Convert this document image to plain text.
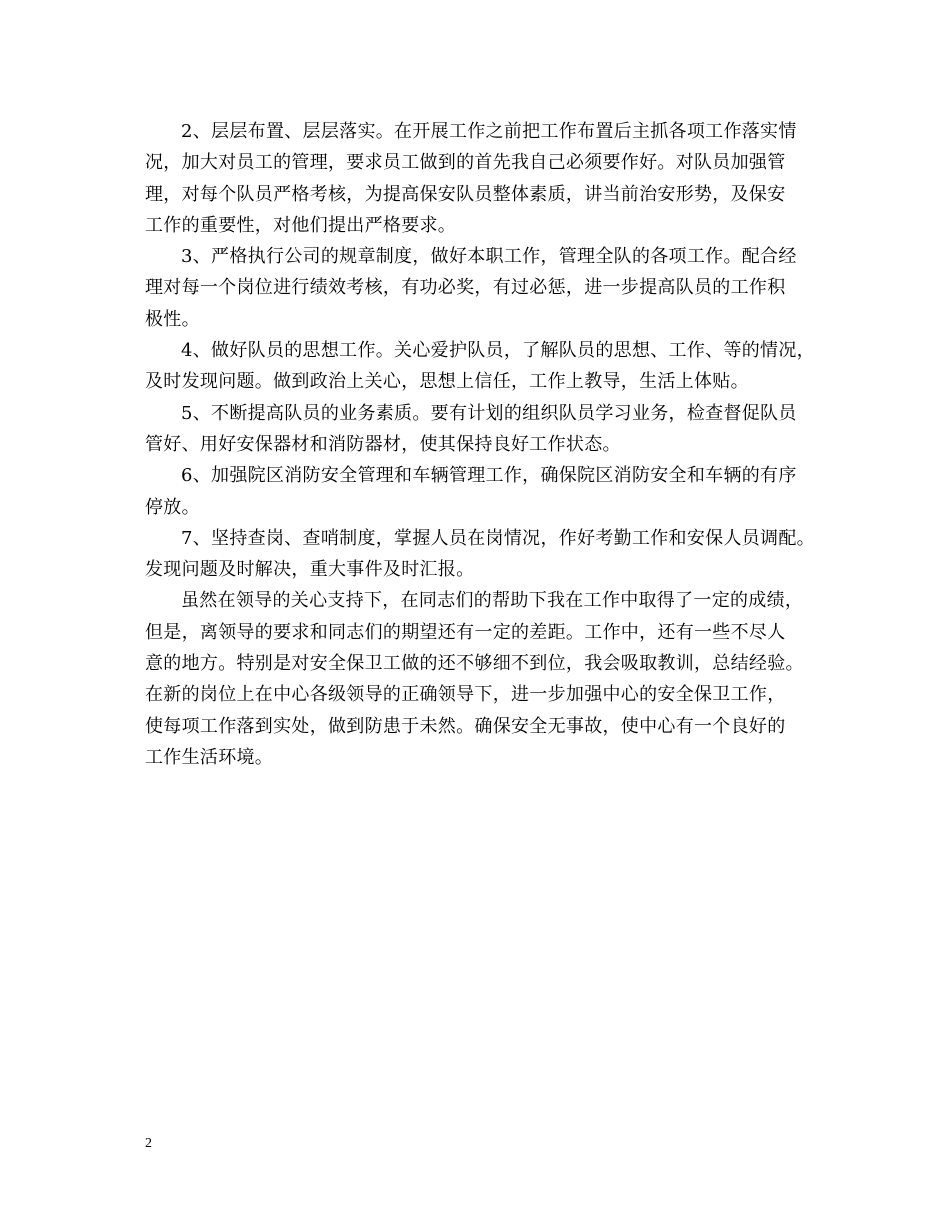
2、层层布置、层层落实。在开展工作之前把工作布置后主抓各项工作落实情
况，加大对员工的管理，要求员工做到的首先我自己必须要作好。对队员加强管
理，对每个队员严格考核，为提高保安队员整体素质，讲当前治安形势，及保安
工作的重要性，对他们提出严格要求。
3、严格执行公司的规章制度，做好本职工作，管理全队的各项工作。配合经
理对每一个岗位进行绩效考核，有功必奖，有过必惩，进一步提高队员的工作积
极性。
4、做好队员的思想工作。关心爱护队员，了解队员的思想、工作、等的情况，
及时发现问题。做到政治上关心，思想上信任，工作上教导，生活上体贴。
5、不断提高队员的业务素质。要有计划的组织队员学习业务，检查督促队员
管好、用好安保器材和消防器材，使其保持良好工作状态。
6、加强院区消防安全管理和车辆管理工作，确保院区消防安全和车辆的有序
停放。
7、坚持查岗、查哨制度，掌握人员在岗情况，作好考勤工作和安保人员调配。
发现问题及时解决，重大事件及时汇报。
虽然在领导的关心支持下，在同志们的帮助下我在工作中取得了一定的成绩，
但是，离领导的要求和同志们的期望还有一定的差距。工作中，还有一些不尽人
意的地方。特别是对安全保卫工做的还不够细不到位，我会吸取教训，总结经验。
在新的岗位上在中心各级领导的正确领导下，进一步加强中心的安全保卫工作，
使每项工作落到实处，做到防患于未然。确保安全无事故，使中心有一个良好的
工作生活环境。
2
